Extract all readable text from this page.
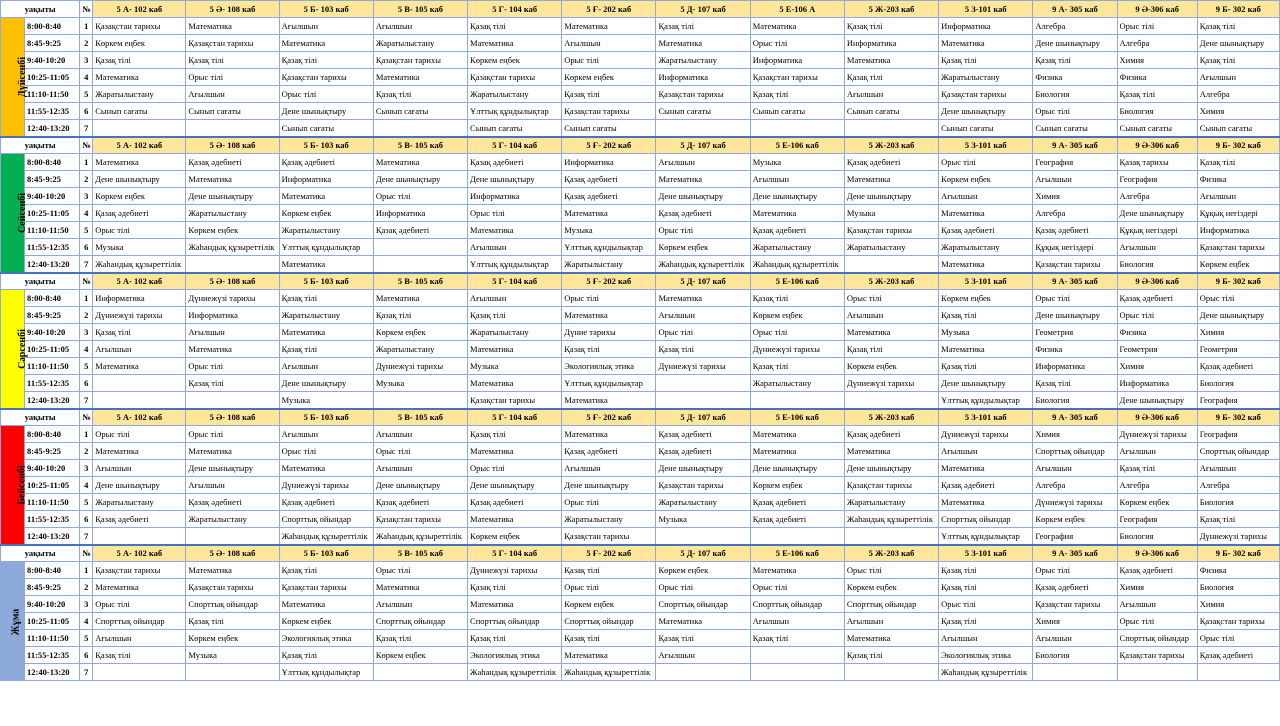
уақыты		№	5 А- 102 каб	5 Ә- 108 каб	5 Б- 103 каб	5 В- 105 каб	5 Г- 104 каб	5 Ғ- 202 каб	5 Д- 107 каб	5 Е-106 А	5 Ж-203 каб	5 З-101 каб	9 А- 305 каб	9 Ә-306 каб	9 Б- 302 каб
Дүйсенбі	8:00-8:40	1	Қазақстан тарихы	Математика	Ағылшын	Ағылшын	Қазақ тілі	Математика	Қазақ тілі	Математика	Қазақ тілі	Информатика	Алгебра	Орыс тілі	Қазақ тілі
	8:45-9:25	2	Көркем еңбек	Қазақстан тарихы	Математика	Жаратылыстану	Математика	Ағылшын	Математика	Орыс тілі	Информатика	Математика	Дене шынықтыру	Алгебра	Дене шынықтыру
	9:40-10:20	3	Қазақ тілі	Қазақ тілі	Қазақ тілі	Қазақстан тарихы	Көркем еңбек	Орыс тілі	Жаратылыстану	Информатика	Математика	Қазақ тілі	Қазақ тілі	Химия	Қазақ тілі
	10:25-11:05	4	Математика	Орыс тілі	Қазақстан тарихы	Математика	Қазақстан тарихы	Көркем еңбек	Информатика	Қазақстан тарихы	Қазақ тілі	Жаратылыстану	Физика	Физика	Ағылшын
	11:10-11:50	5	Жаратылыстану	Ағылшын	Орыс тілі	Қазақ тілі	Жаратылыстану	Қазақ тілі	Қазақстан тарихы	Қазақ тілі	Ағылшын	Қазақстан тарихы	Биология	Қазақ тілі	Алгебра
	11:55-12:35	6	Сынып сағаты	Сынып сағаты	Дене шынықтыру	Сынып сағаты	Ұлттық құндылықтар	Қазақстан тарихы	Сынып сағаты	Сынып сағаты	Сынып сағаты	Дене шынықтыру	Орыс тілі	Биология	Химия
	12:40-13:20	7			Сынып сағаты		Сынып сағаты	Сынып сағаты				Сынып сағаты	Сынып сағаты	Сынып сағаты	Сынып сағаты
уақыты		№	5 А- 102 каб	5 Ә- 108 каб	5 Б- 103 каб	5 В- 105 каб	5 Г- 104 каб	5 Ғ- 202 каб	5 Д- 107 каб	5 Е-106 каб	5 Ж-203 каб	5 З-101 каб	9 А- 305 каб	9 Ә-306 каб	9 Б- 302 каб
Сейсенбі	8:00-8:40	1	Математика	Қазақ әдебиеті	Қазақ әдебиеті	Математика	Қазақ әдебиеті	Информатика	Ағылшын	Музыка	Қазақ әдебиеті	Орыс тілі	География	Қазақ тарихы	Қазақ тілі
	8:45-9:25	2	Дене шынықтыру	Математика	Информатика	Дене шынықтыру	Дене шынықтыру	Қазақ әдебиеті	Математика	Ағылшын	Математика	Көркем еңбек	Ағылшын	География	Физика
	9:40-10:20	3	Көркем еңбек	Дене шынықтыру	Математика	Орыс тілі	Информатика	Қазақ әдебиеті	Дене шынықтыру	Дене шынықтыру	Дене шынықтыру	Ағылшын	Химия	Алгебра	Ағылшын
	10:25-11:05	4	Қазақ әдебиеті	Жаратылыстану	Көркем еңбек	Информатика	Орыс тілі	Математика	Қазақ әдебиеті	Математика	Музыка	Математика	Алгебра	Дене шынықтыру	Құқық негіздері
	11:10-11:50	5	Орыс тілі	Көркем еңбек	Жаратылыстану	Қазақ әдебиеті	Математика	Музыка	Орыс тілі	Қазақ әдебиеті	Қазақстан тарихы	Қазақ әдебиеті	Қазақ әдебиеті	Құқық негіздері	Информатика
	11:55-12:35	6	Музыка	Жаһандық құзыреттілік	Ұлттық құндылықтар		Ағылшын	Ұлттық құндылықтар	Көркем еңбек	Жаратылыстану	Жаратылыстану	Жаратылыстану	Құқық негіздері	Ағылшын	Қазақстан тарихы
	12:40-13:20	7	Жаһандық құзыреттілік		Математика		Ұлттық құндылықтар	Жаратылыстану	Жаһандық құзыреттілік	Жаһандық құзыреттілік		Математика	Қазақстан тарихы	Биология	Көркем еңбек
уақыты		№	5 А- 102 каб	5 Ә- 108 каб	5 Б- 103 каб	5 В- 105 каб	5 Г- 104 каб	5 Ғ- 202 каб	5 Д- 107 каб	5 Е-106 каб	5 Ж-203 каб	5 З-101 каб	9 А- 305 каб	9 Ә-306 каб	9 Б- 302 каб
Сәрсенбі	8:00-8:40	1	Информатика	Дүниежүзі тарихы	Қазақ тілі	Математика	Ағылшын	Орыс тілі	Математика	Қазақ тілі	Орыс тілі	Көркем еңбек	Орыс тілі	Қазақ әдебиеті	Орыс тілі
	8:45-9:25	2	Дүниежүзі тарихы	Информатика	Жаратылыстану	Қазақ тілі	Қазақ тілі	Математика	Ағылшын	Көркем еңбек	Ағылшын	Қазақ тілі	Дене шынықтыру	Орыс тілі	Дене шынықтыру
	9:40-10:20	3	Қазақ тілі	Ағылшын	Математика	Көркем еңбек	Жаратылыстану	Дүние тарихы	Орыс тілі	Орыс тілі	Математика	Музыка	Геометрия	Физика	Химия
	10:25-11:05	4	Ағылшын	Математика	Қазақ тілі	Жаратылыстану	Математика	Қазақ тілі	Қазақ тілі	Дүниежүзі тарихы	Қазақ тілі	Математика	Физика	Геометрия	Геометрия
	11:10-11:50	5	Математика	Орыс тілі	Ағылшын	Дүниежүзі тарихы	Музыка	Экологиялық этика	Дүниежүзі тарихы	Қазақ тілі	Көркем еңбек	Қазақ тілі	Информатика	Химия	Қазақ әдебиеті
	11:55-12:35	6		Қазақ тілі	Дене шынықтыру	Музыка	Математика	Ұлттық құндылықтар		Жаратылыстану	Дүниежүзі тарихы	Дене шынықтыру	Қазақ тілі	Информатика	Биология
	12:40-13:20	7			Музыка		Қазақстан тарихы	Математика				Ұлттық құндылықтар	Биология	Дене шынықтыру	География
уақыты		№	5 А- 102 каб	5 Ә- 108 каб	5 Б- 103 каб	5 В- 105 каб	5 Г- 104 каб	5 Ғ- 202 каб	5 Д- 107 каб	5 Е-106 каб	5 Ж-203 каб	5 З-101 каб	9 А- 305 каб	9 Ә-306 каб	9 Б- 302 каб
Бейсенбі	8:00-8:40	1	Орыс тілі	Орыс тілі	Ағылшын	Ағылшын	Қазақ тілі	Математика	Қазақ әдебиеті	Математика	Қазақ әдебиеті	Дүниежүзі тарихы	Химия	Дүниежүзі тарихы	География
	8:45-9:25	2	Математика	Математика	Орыс тілі	Орыс тілі	Математика	Қазақ әдебиеті	Қазақ әдебиеті	Математика	Математика	Ағылшын	Спорттық ойындар	Ағылшын	Спорттық ойындар
	9:40-10:20	3	Ағылшын	Дене шынықтыру	Математика	Ағылшын	Орыс тілі	Ағылшын	Дене шынықтыру	Дене шынықтыру	Дене шынықтыру	Математика	Ағылшын	Қазақ тілі	Ағылшын
	10:25-11:05	4	Дене шынықтыру	Ағылшын	Дүниежүзі тарихы	Дене шынықтыру	Дене шынықтыру	Дене шынықтыру	Қазақстан тарихы	Көркем еңбек	Қазақстан тарихы	Қазақ әдебиеті	Алгебра	Алгебра	Алгебра
	11:10-11:50	5	Жаратылыстану	Қазақ әдебиеті	Қазақ әдебиеті	Қазақ әдебиеті	Қазақ әдебиеті	Орыс тілі	Жаратылыстану	Қазақ әдебиеті	Жаратылыстану	Математика	Дүниежүзі тарихы	Көркем еңбек	Биология
	11:55-12:35	6	Қазақ әдебиеті	Жаратылыстану	Спорттық ойындар	Қазақстан тарихы	Математика	Жаратылыстану	Музыка	Қазақ әдебиеті	Жаһандық құзыреттілік	Спорттық ойындар	Көркем еңбек	География	Қазақ тілі
	12:40-13:20	7			Жаһандық құзыреттілік	Жаһандық құзыреттілік	Көркем еңбек	Қазақстан тарихы				Ұлттық құндылықтар	География	Биология	Дүниежүзі тарихы
уақыты		№	5 А- 102 каб	5 Ә- 108 каб	5 Б- 103 каб	5 В- 105 каб	5 Г- 104 каб	5 Ғ- 202 каб	5 Д- 107 каб	5 Е-106 каб	5 Ж-203 каб	5 З-101 каб	9 А- 305 каб	9 Ә-306 каб	9 Б- 302 каб
Жұма	8:00-8:40	1	Қазақстан тарихы	Математика	Қазақ тілі	Орыс тілі	Дүниежүзі тарихы	Қазақ тілі	Көркем еңбек	Математика	Орыс тілі	Қазақ тілі	Орыс тілі	Қазақ әдебиеті	Физика
	8:45-9:25	2	Математика	Қазақстан тарихы	Қазақстан тарихы	Математика	Қазақ тілі	Орыс тілі	Орыс тілі	Орыс тілі	Көркем еңбек	Қазақ тілі	Қазақ әдебиеті	Химия	Биология
	9:40-10:20	3	Орыс тілі	Спорттық ойындар	Математика	Ағылшын	Математика	Көркем еңбек	Спорттық ойындар	Спорттық ойындар	Спорттық ойындар	Орыс тілі	Қазақстан тарихы	Ағылшын	Химия
	10:25-11:05	4	Спорттық ойындар	Қазақ тілі	Көркем еңбек	Спорттық ойындар	Спорттық ойындар	Спорттық ойындар	Математика	Ағылшын	Ағылшын	Қазақ тілі	Химия	Орыс тілі	Қазақстан тарихы
	11:10-11:50	5	Ағылшын	Көркем еңбек	Экологиялық этика	Қазақ тілі	Қазақ тілі	Қазақ тілі	Қазақ тілі	Қазақ тілі	Математика	Ағылшын	Ағылшын	Спорттық ойындар	Орыс тілі
	11:55-12:35	6	Қазақ тілі	Музыка	Қазақ тілі	Көркем еңбек	Экологиялық этика	Математика	Ағылшын		Қазақ тілі	Экологиялық этика	Биология	Қазақстан тарихы	Қазақ әдебиеті
	12:40-13:20	7			Ұлттық құндылықтар		Жаһандық құзыреттілік	Жаһандық құзыреттілік				Жаһандық құзыреттілік			
